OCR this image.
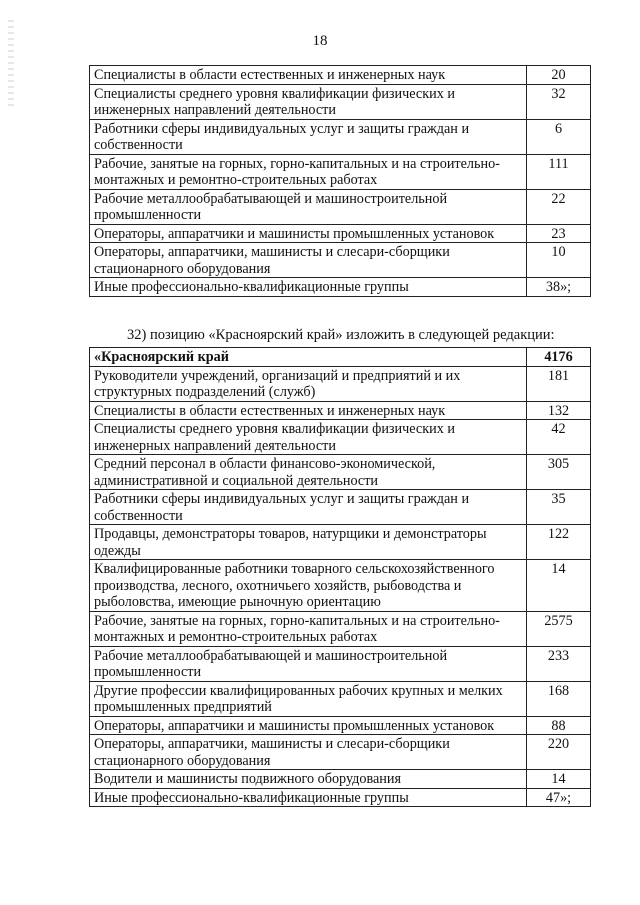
18
Специалисты в области естественных и инженерных наук	20
Специалисты среднего уровня квалификации физических и инженерных направлений деятельности	32
Работники сферы индивидуальных услуг и защиты граждан и собственности	6
Рабочие, занятые на горных, горно-капитальных и на строительно-монтажных и ремонтно-строительных работах	111
Рабочие металлообрабатывающей и машиностроительной промышленности	22
Операторы, аппаратчики и машинисты промышленных установок	23
Операторы, аппаратчики, машинисты и слесари-сборщики стационарного оборудования	10
Иные профессионально-квалификационные группы	38»;
32) позицию «Красноярский край» изложить в следующей редакции:
«Красноярский край	4176
Руководители учреждений, организаций и предприятий и их структурных подразделений (служб)	181
Специалисты в области естественных и инженерных наук	132
Специалисты среднего уровня квалификации физических и инженерных направлений деятельности	42
Средний персонал в области финансово-экономической, административной и социальной деятельности	305
Работники сферы индивидуальных услуг и защиты граждан и собственности	35
Продавцы, демонстраторы товаров, натурщики и демонстраторы одежды	122
Квалифицированные работники товарного сельскохозяйственного производства, лесного, охотничьего хозяйств, рыбоводства и рыболовства, имеющие рыночную ориентацию	14
Рабочие, занятые на горных, горно-капитальных и на строительно-монтажных и ремонтно-строительных работах	2575
Рабочие металлообрабатывающей и машиностроительной промышленности	233
Другие профессии квалифицированных рабочих крупных и мелких промышленных предприятий	168
Операторы, аппаратчики и машинисты промышленных установок	88
Операторы, аппаратчики, машинисты и слесари-сборщики стационарного оборудования	220
Водители и машинисты подвижного оборудования	14
Иные профессионально-квалификационные группы	47»;
